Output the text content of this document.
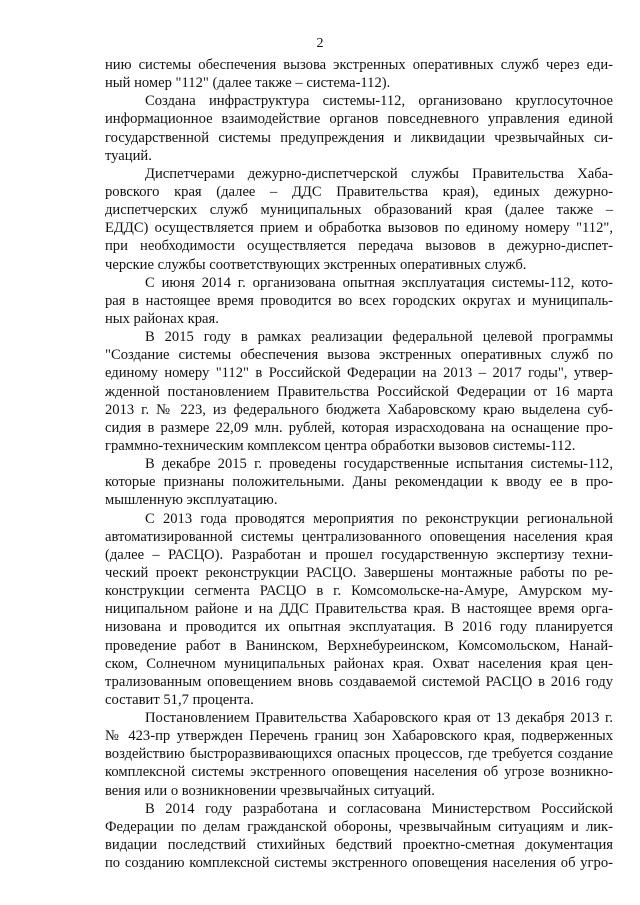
2
нию системы обеспечения вызова экстренных оперативных служб через еди-
ный номер "112" (далее также – система-112).
Создана инфраструктура системы-112, организовано круглосуточное
информационное взаимодействие органов повседневного управления единой
государственной системы предупреждения и ликвидации чрезвычайных си-
туаций.
Диспетчерами дежурно-диспетчерской службы Правительства Хаба-
ровского края (далее – ДДС Правительства края), единых дежурно-
диспетчерских служб муниципальных образований края (далее также –
ЕДДС) осуществляется прием и обработка вызовов по единому номеру "112",
при необходимости осуществляется передача вызовов в дежурно-диспет-
черские службы соответствующих экстренных оперативных служб.
С июня 2014 г. организована опытная эксплуатация системы-112, кото-
рая в настоящее время проводится во всех городских округах и муниципаль-
ных районах края.
В 2015 году в рамках реализации федеральной целевой программы
"Создание системы обеспечения вызова экстренных оперативных служб по
единому номеру "112" в Российской Федерации на 2013 – 2017 годы", утвер-
жденной постановлением Правительства Российской Федерации от 16 марта
2013 г. № 223, из федерального бюджета Хабаровскому краю выделена суб-
сидия в размере 22,09 млн. рублей, которая израсходована на оснащение про-
граммно-техническим комплексом центра обработки вызовов системы-112.
В декабре 2015 г. проведены государственные испытания системы-112,
которые признаны положительными. Даны рекомендации к вводу ее в про-
мышленную эксплуатацию.
С 2013 года проводятся мероприятия по реконструкции региональной
автоматизированной системы централизованного оповещения населения края
(далее – РАСЦО). Разработан и прошел государственную экспертизу техни-
ческий проект реконструкции РАСЦО. Завершены монтажные работы по ре-
конструкции сегмента РАСЦО в г. Комсомольске-на-Амуре, Амурском му-
ниципальном районе и на ДДС Правительства края. В настоящее время орга-
низована и проводится их опытная эксплуатация. В 2016 году планируется
проведение работ в Ванинском, Верхнебуреинском, Комсомольском, Нанай-
ском, Солнечном муниципальных районах края. Охват населения края цен-
трализованным оповещением вновь создаваемой системой РАСЦО в 2016 году
составит 51,7 процента.
Постановлением Правительства Хабаровского края от 13 декабря 2013 г.
№ 423-пр утвержден Перечень границ зон Хабаровского края, подверженных
воздействию быстроразвивающихся опасных процессов, где требуется создание
комплексной системы экстренного оповещения населения об угрозе возникно-
вения или о возникновении чрезвычайных ситуаций.
В 2014 году разработана и согласована Министерством Российской
Федерации по делам гражданской обороны, чрезвычайным ситуациям и лик-
видации последствий стихийных бедствий проектно-сметная документация
по созданию комплексной системы экстренного оповещения населения об угро-
